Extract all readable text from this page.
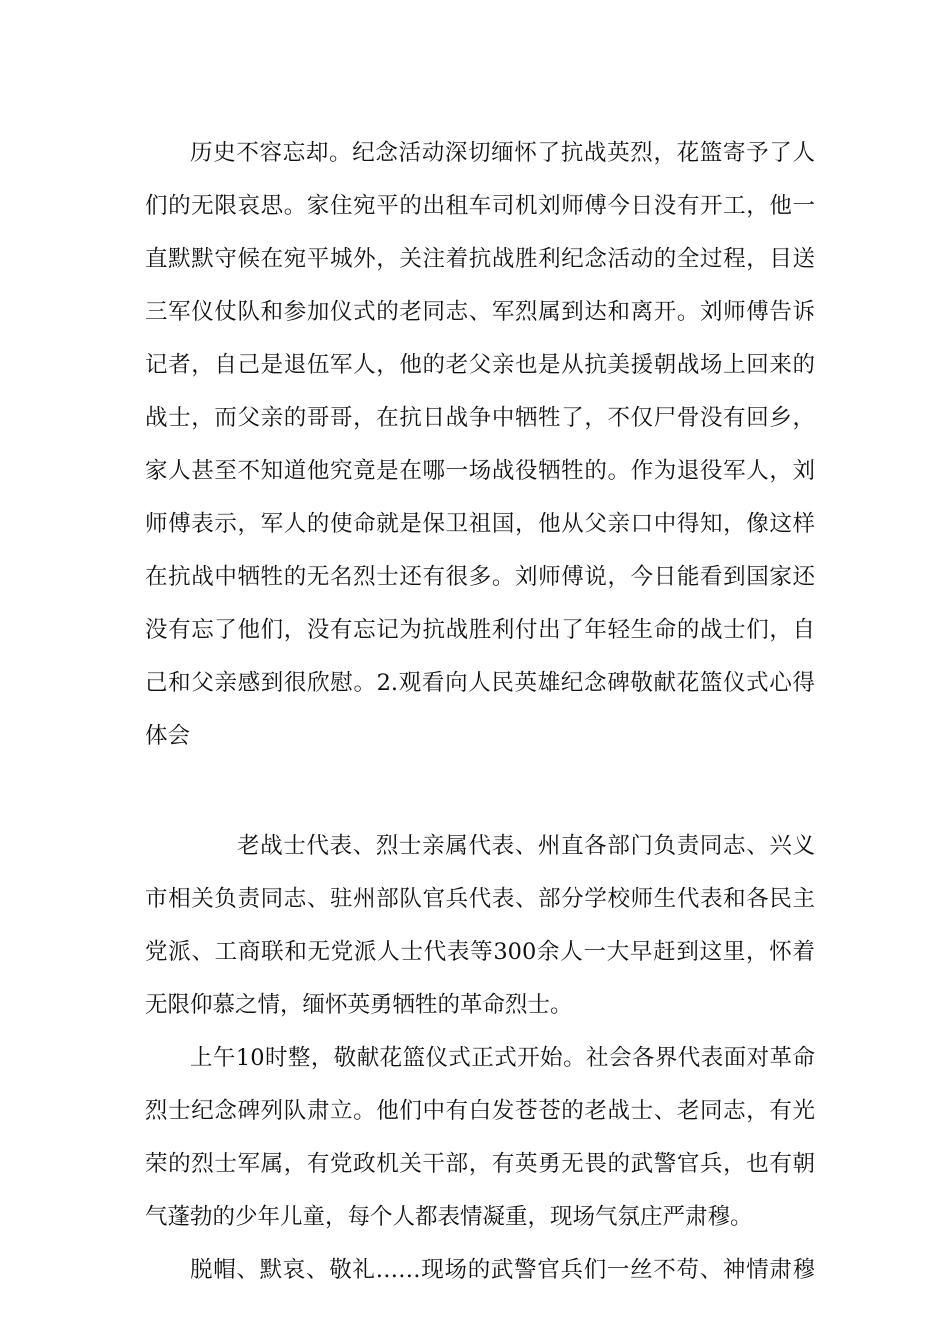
历史不容忘却。纪念活动深切缅怀了抗战英烈，花篮寄予了人
们的无限哀思。家住宛平的出租车司机刘师傅今日没有开工，他一
直默默守候在宛平城外，关注着抗战胜利纪念活动的全过程，目送
三军仪仗队和参加仪式的老同志、军烈属到达和离开。刘师傅告诉
记者，自己是退伍军人，他的老父亲也是从抗美援朝战场上回来的
战士，而父亲的哥哥，在抗日战争中牺牲了，不仅尸骨没有回乡，
家人甚至不知道他究竟是在哪一场战役牺牲的。作为退役军人，刘
师傅表示，军人的使命就是保卫祖国，他从父亲口中得知，像这样
在抗战中牺牲的无名烈士还有很多。刘师傅说，今日能看到国家还
没有忘了他们，没有忘记为抗战胜利付出了年轻生命的战士们，自
己和父亲感到很欣慰。2.观看向人民英雄纪念碑敬献花篮仪式心得
体会
老战士代表、烈士亲属代表、州直各部门负责同志、兴义
市相关负责同志、驻州部队官兵代表、部分学校师生代表和各民主
党派、工商联和无党派人士代表等300余人一大早赶到这里，怀着
无限仰慕之情，缅怀英勇牺牲的革命烈士。
上午10时整，敬献花篮仪式正式开始。社会各界代表面对革命
烈士纪念碑列队肃立。他们中有白发苍苍的老战士、老同志，有光
荣的烈士军属，有党政机关干部，有英勇无畏的武警官兵，也有朝
气蓬勃的少年儿童，每个人都表情凝重，现场气氛庄严肃穆。
脱帽、默哀、敬礼……现场的武警官兵们一丝不苟、神情肃穆
